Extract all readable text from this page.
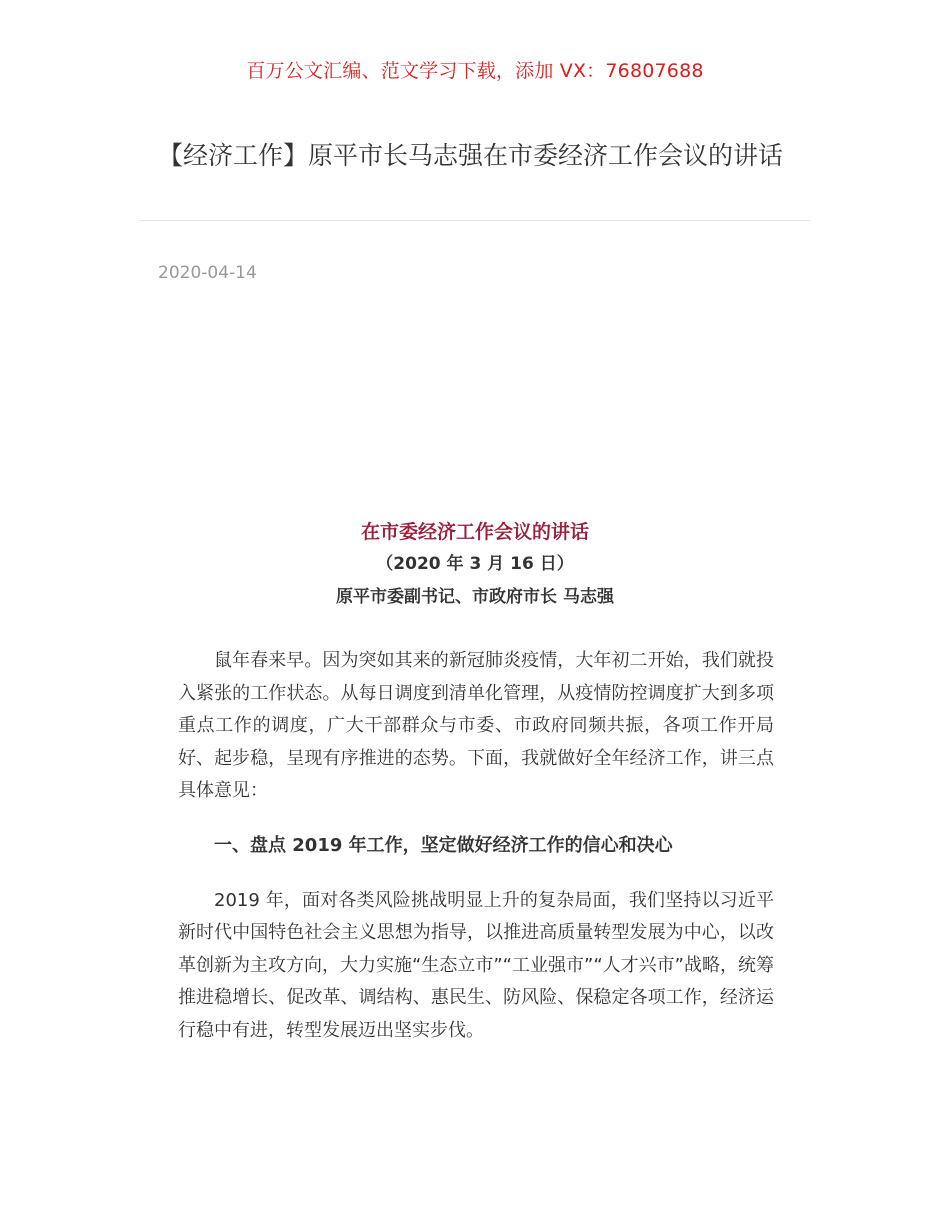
百万公文汇编、范文学习下载，添加 VX：76807688
【经济工作】原平市长马志强在市委经济工作会议的讲话
2020-04-14
在市委经济工作会议的讲话
（2020 年 3 月 16 日）
原平市委副书记、市政府市长 马志强

鼠年春来早。因为突如其来的新冠肺炎疫情，大年初二开始，我们就投入紧张的工作状态。从每日调度到清单化管理，从疫情防控调度扩大到多项重点工作的调度，广大干部群众与市委、市政府同频共振，各项工作开局好、起步稳，呈现有序推进的态势。下面，我就做好全年经济工作，讲三点具体意见：

一、盘点 2019 年工作，坚定做好经济工作的信心和决心

2019 年，面对各类风险挑战明显上升的复杂局面，我们坚持以习近平新时代中国特色社会主义思想为指导，以推进高质量转型发展为中心，以改革创新为主攻方向，大力实施“生态立市”“工业强市”“人才兴市”战略，统筹推进稳增长、促改革、调结构、惠民生、防风险、保稳定各项工作，经济运行稳中有进，转型发展迈出坚实步伐。
